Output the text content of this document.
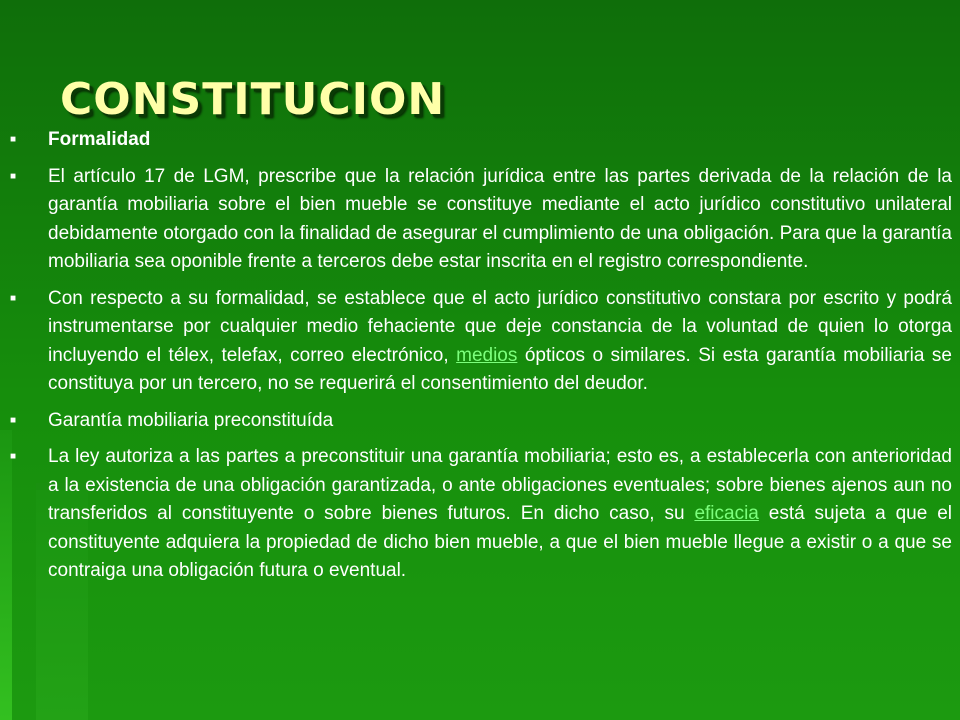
CONSTITUCION
■	Formalidad
■	El artículo 17 de LGM, prescribe que la relación jurídica entre las partes derivada de la relación de la garantía mobiliaria sobre el bien mueble se constituye mediante el acto jurídico constitutivo unilateral debidamente otorgado con la finalidad de asegurar el cumplimiento de una obligación. Para que la garantía mobiliaria sea oponible frente a terceros debe estar inscrita en el registro correspondiente.
■	Con respecto a su formalidad, se establece que el acto jurídico constitutivo constara por escrito y podrá instrumentarse por cualquier medio fehaciente que deje constancia de la voluntad de quien lo otorga incluyendo el télex, telefax, correo electrónico, medios ópticos o similares. Si esta garantía mobiliaria se constituya por un tercero, no se requerirá el consentimiento del deudor.
■	Garantía mobiliaria preconstituída
■	La ley autoriza a las partes a preconstituir una garantía mobiliaria; esto es, a establecerla con anterioridad a la existencia de una obligación garantizada, o ante obligaciones eventuales; sobre bienes ajenos aun no transferidos al constituyente o sobre bienes futuros. En dicho caso, su eficacia está sujeta a que el constituyente adquiera la propiedad de dicho bien mueble, a que el bien mueble llegue a existir o a que se contraiga una obligación futura o eventual.
